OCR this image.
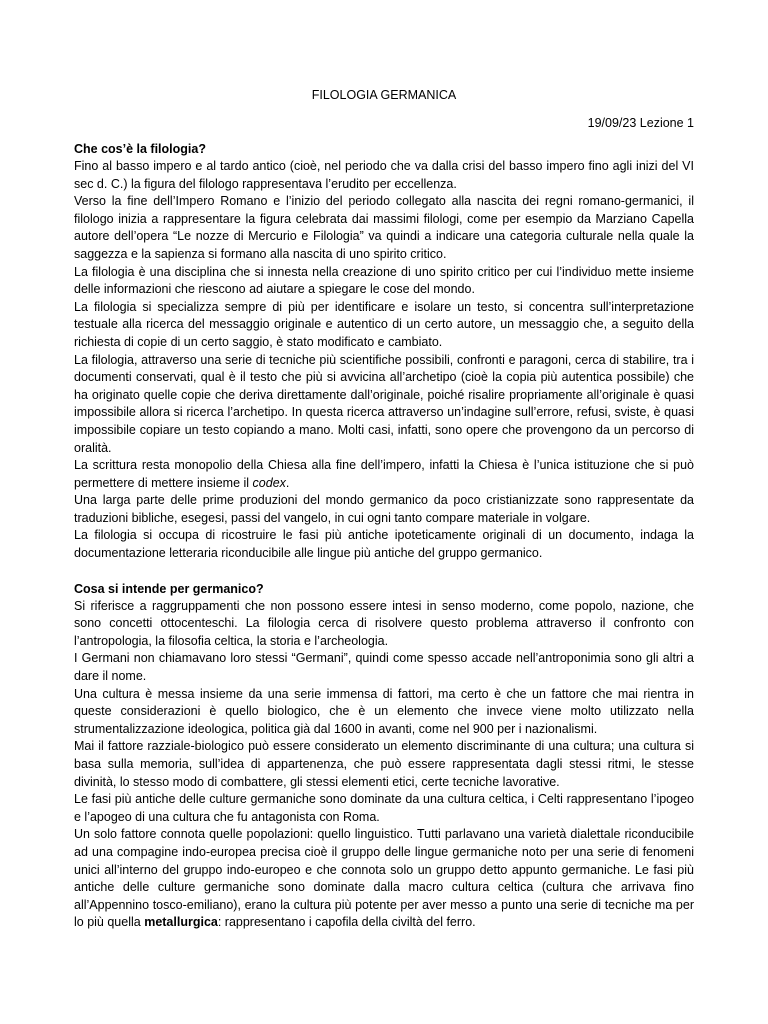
FILOLOGIA GERMANICA

19/09/23 Lezione 1

Che cos’è la filologia?

Fino al basso impero e al tardo antico (cioè, nel periodo che va dalla crisi del basso impero fino agli inizi del VI sec d. C.) la figura del filologo rappresentava l’erudito per eccellenza.

Verso la fine dell’Impero Romano e l’inizio del periodo collegato alla nascita dei regni romano-germanici, il filologo inizia a rappresentare la figura celebrata dai massimi filologi, come per esempio da Marziano Capella autore dell’opera “Le nozze di Mercurio e Filologia” va quindi a indicare una categoria culturale nella quale la saggezza e la sapienza si formano alla nascita di uno spirito critico.

La filologia è una disciplina che si innesta nella creazione di uno spirito critico per cui l’individuo mette insieme delle informazioni che riescono ad aiutare a spiegare le cose del mondo.

La filologia si specializza sempre di più per identificare e isolare un testo, si concentra sull’interpretazione testuale alla ricerca del messaggio originale e autentico di un certo autore, un messaggio che, a seguito della richiesta di copie di un certo saggio, è stato modificato e cambiato.

La filologia, attraverso una serie di tecniche più scientifiche possibili, confronti e paragoni, cerca di stabilire, tra i documenti conservati, qual è il testo che più si avvicina all’archetipo (cioè la copia più autentica possibile) che ha originato quelle copie che deriva direttamente dall’originale, poiché risalire propriamente all’originale è quasi impossibile allora si ricerca l’archetipo. In questa ricerca attraverso un’indagine sull’errore, refusi, sviste, è quasi impossibile copiare un testo copiando a mano. Molti casi, infatti, sono opere che provengono da un percorso di oralità.

La scrittura resta monopolio della Chiesa alla fine dell’impero, infatti la Chiesa è l’unica istituzione che si può permettere di mettere insieme il codex.

Una larga parte delle prime produzioni del mondo germanico da poco cristianizzate sono rappresentate da traduzioni bibliche, esegesi, passi del vangelo, in cui ogni tanto compare materiale in volgare.

La filologia si occupa di ricostruire le fasi più antiche ipoteticamente originali di un documento, indaga la documentazione letteraria riconducibile alle lingue più antiche del gruppo germanico.

Cosa si intende per germanico?

Si riferisce a raggruppamenti che non possono essere intesi in senso moderno, come popolo, nazione, che sono concetti ottocenteschi. La filologia cerca di risolvere questo problema attraverso il confronto con l’antropologia, la filosofia celtica, la storia e l’archeologia.

I Germani non chiamavano loro stessi “Germani”, quindi come spesso accade nell’antroponimia sono gli altri a dare il nome.

Una cultura è messa insieme da una serie immensa di fattori, ma certo è che un fattore che mai rientra in queste considerazioni è quello biologico, che è un elemento che invece viene molto utilizzato nella strumentalizzazione ideologica, politica già dal 1600 in avanti, come nel 900 per i nazionalismi.

Mai il fattore razziale-biologico può essere considerato un elemento discriminante di una cultura; una cultura si basa sulla memoria, sull’idea di appartenenza, che può essere rappresentata dagli stessi ritmi, le stesse divinità, lo stesso modo di combattere, gli stessi elementi etici, certe tecniche lavorative.

Le fasi più antiche delle culture germaniche sono dominate da una cultura celtica, i Celti rappresentano l’ipogeo e l’apogeo di una cultura che fu antagonista con Roma.

Un solo fattore connota quelle popolazioni: quello linguistico. Tutti parlavano una varietà dialettale riconducibile ad una compagine indo-europea precisa cioè il gruppo delle lingue germaniche noto per una serie di fenomeni unici all’interno del gruppo indo-europeo e che connota solo un gruppo detto appunto germaniche. Le fasi più antiche delle culture germaniche sono dominate dalla macro cultura celtica (cultura che arrivava fino all’Appennino tosco-emiliano), erano la cultura più potente per aver messo a punto una serie di tecniche ma per lo più quella metallurgica: rappresentano i capofila della civiltà del ferro.
